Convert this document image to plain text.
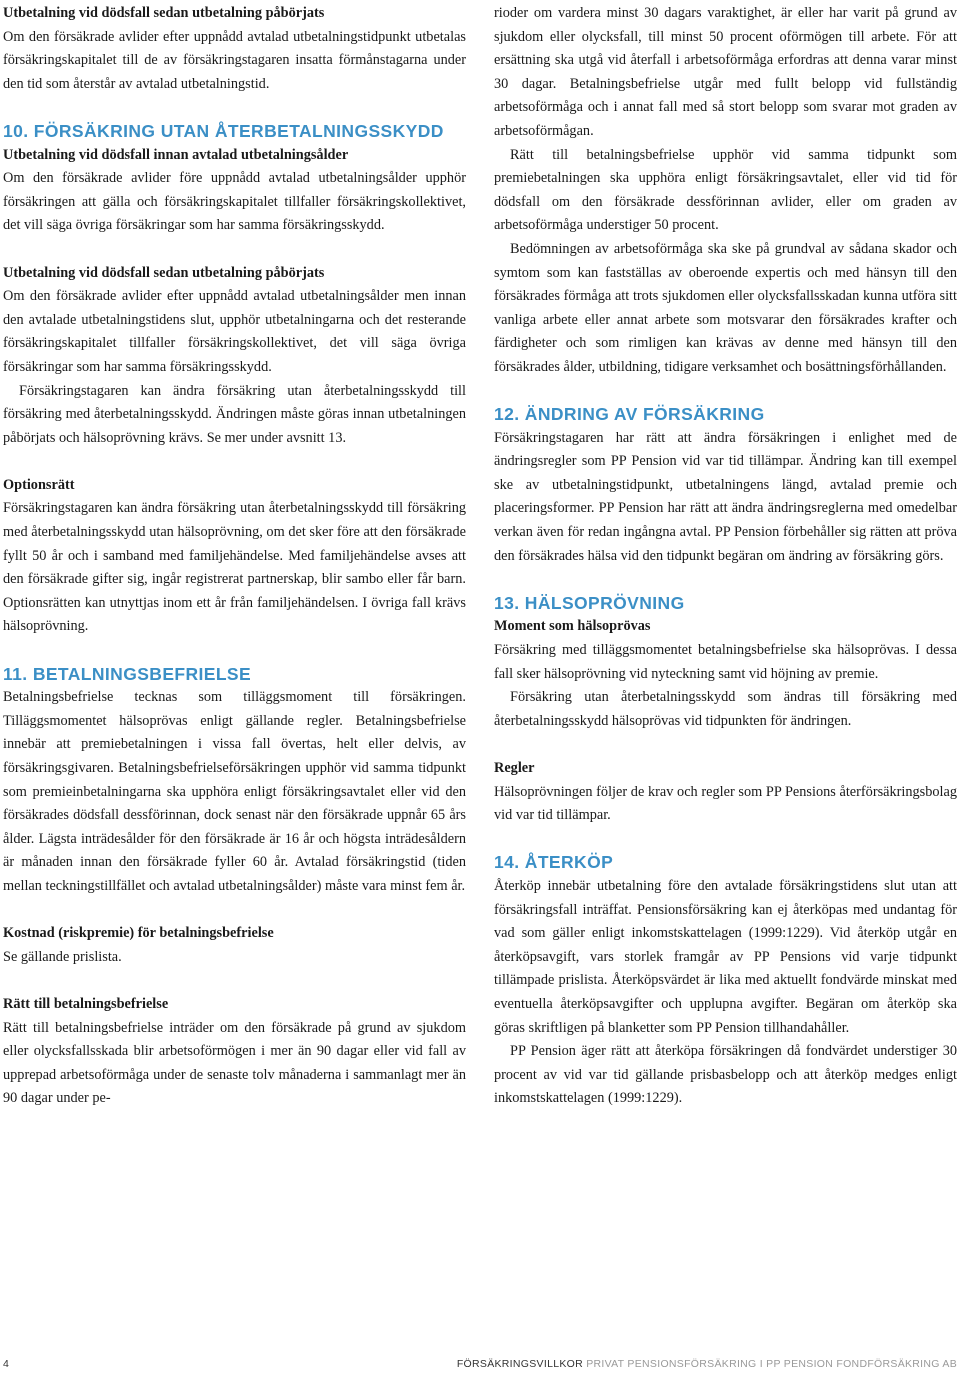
Utbetalning vid dödsfall sedan utbetalning påbörjats

Om den försäkrade avlider efter uppnådd avtalad utbetalningstidpunkt utbetalas försäkringskapitalet till de av försäkringstagaren insatta förmånstagarna under den tid som återstår av avtalad utbetalningstid.

10. FÖRSÄKRING UTAN ÅTERBETALNINGSSKYDD
Utbetalning vid dödsfall innan avtalad utbetalningsålder

Om den försäkrade avlider före uppnådd avtalad utbetalningsålder upphör försäkringen att gälla och försäkringskapitalet tillfaller försäkringskollektivet, det vill säga övriga försäkringar som har samma försäkringsskydd.

Utbetalning vid dödsfall sedan utbetalning påbörjats

Om den försäkrade avlider efter uppnådd avtalad utbetalningsålder men innan den avtalade utbetalningstidens slut, upphör utbetalningarna och det resterande försäkringskapitalet tillfaller försäkringskollektivet, det vill säga övriga försäkringar som har samma försäkringsskydd.

Försäkringstagaren kan ändra försäkring utan återbetalningsskydd till försäkring med återbetalningsskydd. Ändringen måste göras innan utbetalningen påbörjats och hälsoprövning krävs. Se mer under avsnitt 13.

Optionsrätt

Försäkringstagaren kan ändra försäkring utan återbetalningsskydd till försäkring med återbetalningsskydd utan hälsoprövning, om det sker före att den försäkrade fyllt 50 år och i samband med familjehändelse. Med familjehändelse avses att den försäkrade gifter sig, ingår registrerat partnerskap, blir sambo eller får barn. Optionsrätten kan utnyttjas inom ett år från familjehändelsen. I övriga fall krävs hälsoprövning.

11. BETALNINGSBEFRIELSE

Betalningsbefrielse tecknas som tilläggsmoment till försäkringen. Tilläggsmomentet hälsoprövas enligt gällande regler. Betalningsbefrielse innebär att premiebetalningen i vissa fall övertas, helt eller delvis, av försäkringsgivaren. Betalningsbefrielseförsäkringen upphör vid samma tidpunkt som premieinbetalningarna ska upphöra enligt försäkringsavtalet eller vid den försäkrades dödsfall dessförinnan, dock senast när den försäkrade uppnår 65 års ålder. Lägsta inträdesålder för den försäkrade är 16 år och högsta inträdesåldern är månaden innan den försäkrade fyller 60 år. Avtalad försäkringstid (tiden mellan teckningstillfället och avtalad utbetalningsålder) måste vara minst fem år.

Kostnad (riskpremie) för betalningsbefrielse

Se gällande prislista.

Rätt till betalningsbefrielse

Rätt till betalningsbefrielse inträder om den försäkrade på grund av sjukdom eller olycksfallsskada blir arbetsoförmögen i mer än 90 dagar eller vid fall av upprepad arbetsoförmåga under de senaste tolv månaderna i sammanlagt mer än 90 dagar under pe-

rioder om vardera minst 30 dagars varaktighet, är eller har varit på grund av sjukdom eller olycksfall, till minst 50 procent oförmögen till arbete. För att ersättning ska utgå vid återfall i arbetsoförmåga erfordras att denna varar minst 30 dagar. Betalningsbefrielse utgår med fullt belopp vid fullständig arbetsoförmåga och i annat fall med så stort belopp som svarar mot graden av arbetsoförmågan.

Rätt till betalningsbefrielse upphör vid samma tidpunkt som premiebetalningen ska upphöra enligt försäkringsavtalet, eller vid tid för dödsfall om den försäkrade dessförinnan avlider, eller om graden av arbetsoförmåga understiger 50 procent.

Bedömningen av arbetsoförmåga ska ske på grundval av sådana skador och symtom som kan fastställas av oberoende expertis och med hänsyn till den försäkrades förmåga att trots sjukdomen eller olycksfallsskadan kunna utföra sitt vanliga arbete eller annat arbete som motsvarar den försäkrades krafter och färdigheter och som rimligen kan krävas av denne med hänsyn till den försäkrades ålder, utbildning, tidigare verksamhet och bosättningsförhållanden.

12. ÄNDRING AV FÖRSÄKRING

Försäkringstagaren har rätt att ändra försäkringen i enlighet med de ändringsregler som PP Pension vid var tid tillämpar. Ändring kan till exempel ske av utbetalningstidpunkt, utbetalningens längd, avtalad premie och placeringsformer. PP Pension har rätt att ändra ändringsreglerna med omedelbar verkan även för redan ingångna avtal. PP Pension förbehåller sig rätten att pröva den försäkrades hälsa vid den tidpunkt begäran om ändring av försäkring görs.

13. HÄLSOPRÖVNING
Moment som hälsoprövas

Försäkring med tilläggsmomentet betalningsbefrielse ska hälsoprövas. I dessa fall sker hälsoprövning vid nyteckning samt vid höjning av premie.

Försäkring utan återbetalningsskydd som ändras till försäkring med återbetalningsskydd hälsoprövas vid tidpunkten för ändringen.

Regler

Hälsoprövningen följer de krav och regler som PP Pensions återförsäkringsbolag vid var tid tillämpar.

14. ÅTERKÖP

Återköp innebär utbetalning före den avtalade försäkringstidens slut utan att försäkringsfall inträffat. Pensionsförsäkring kan ej återköpas med undantag för vad som gäller enligt inkomstskattelagen (1999:1229). Vid återköp utgår en återköpsavgift, vars storlek framgår av PP Pensions vid varje tidpunkt tillämpade prislista. Återköpsvärdet är lika med aktuellt fondvärde minskat med eventuella återköpsavgifter och upplupna avgifter. Begäran om återköp ska göras skriftligen på blanketter som PP Pension tillhandahåller.

PP Pension äger rätt att återköpa försäkringen då fondvärdet understiger 30 procent av vid var tid gällande prisbasbelopp och att återköp medges enligt inkomstskattelagen (1999:1229).

4	FÖRSÄKRINGSVILLKOR PRIVAT PENSIONSFÖRSÄKRING I PP PENSION FONDFÖRSÄKRING AB
